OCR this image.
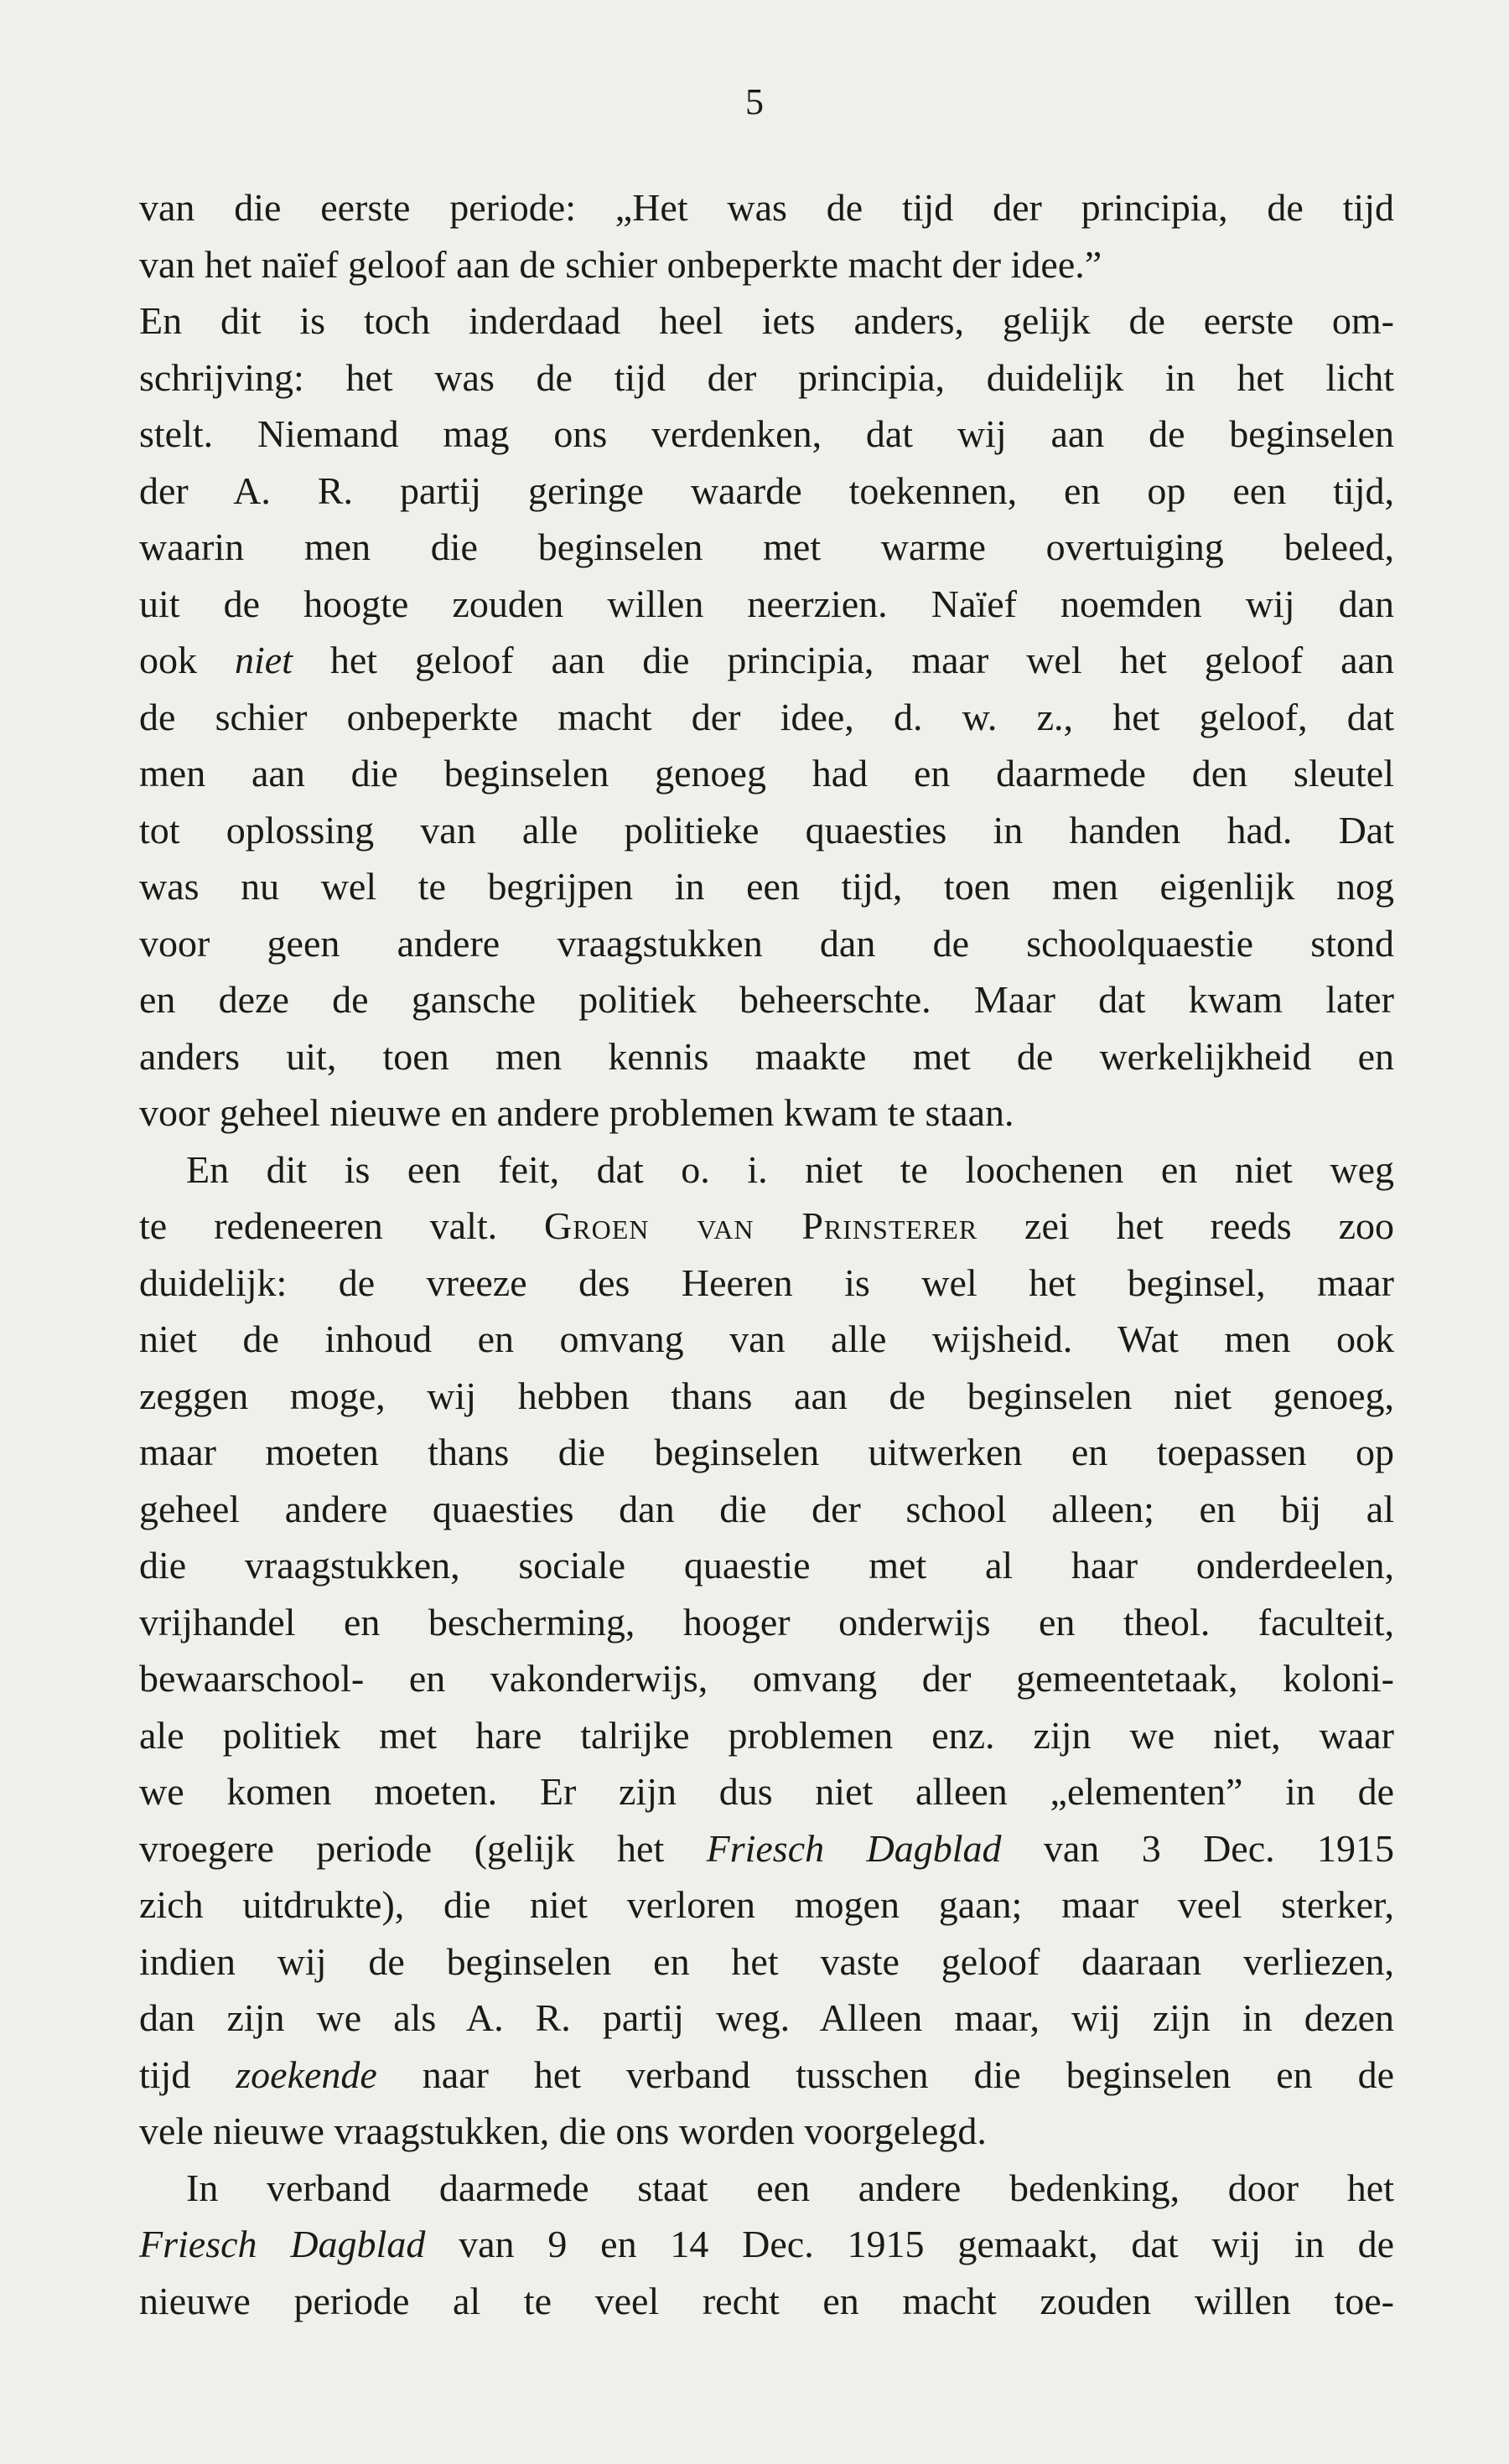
5
van die eerste periode: „Het was de tijd der principia, de tijd
van het naïef geloof aan de schier onbeperkte macht der idee.”
En dit is toch inderdaad heel iets anders, gelijk de eerste om-
schrijving: het was de tijd der principia, duidelijk in het licht
stelt. Niemand mag ons verdenken, dat wij aan de beginselen
der A. R. partij geringe waarde toekennen, en op een tijd,
waarin men die beginselen met warme overtuiging beleed,
uit de hoogte zouden willen neerzien. Naïef noemden wij dan
ook niet het geloof aan die principia, maar wel het geloof aan
de schier onbeperkte macht der idee, d. w. z., het geloof, dat
men aan die beginselen genoeg had en daarmede den sleutel
tot oplossing van alle politieke quaesties in handen had. Dat
was nu wel te begrijpen in een tijd, toen men eigenlijk nog
voor geen andere vraagstukken dan de schoolquaestie stond
en deze de gansche politiek beheerschte. Maar dat kwam later
anders uit, toen men kennis maakte met de werkelijkheid en
voor geheel nieuwe en andere problemen kwam te staan.
En dit is een feit, dat o. i. niet te loochenen en niet weg
te redeneeren valt. Groen van Prinsterer zei het reeds zoo
duidelijk: de vreeze des Heeren is wel het beginsel, maar
niet de inhoud en omvang van alle wijsheid. Wat men ook
zeggen moge, wij hebben thans aan de beginselen niet genoeg,
maar moeten thans die beginselen uitwerken en toepassen op
geheel andere quaesties dan die der school alleen; en bij al
die vraagstukken, sociale quaestie met al haar onderdeelen,
vrijhandel en bescherming, hooger onderwijs en theol. faculteit,
bewaarschool- en vakonderwijs, omvang der gemeentetaak, koloni-
ale politiek met hare talrijke problemen enz. zijn we niet, waar
we komen moeten. Er zijn dus niet alleen „elementen” in de
vroegere periode (gelijk het Friesch Dagblad van 3 Dec. 1915
zich uitdrukte), die niet verloren mogen gaan; maar veel sterker,
indien wij de beginselen en het vaste geloof daaraan verliezen,
dan zijn we als A. R. partij weg. Alleen maar, wij zijn in dezen
tijd zoekende naar het verband tusschen die beginselen en de
vele nieuwe vraagstukken, die ons worden voorgelegd.
In verband daarmede staat een andere bedenking, door het
Friesch Dagblad van 9 en 14 Dec. 1915 gemaakt, dat wij in de
nieuwe periode al te veel recht en macht zouden willen toe-
